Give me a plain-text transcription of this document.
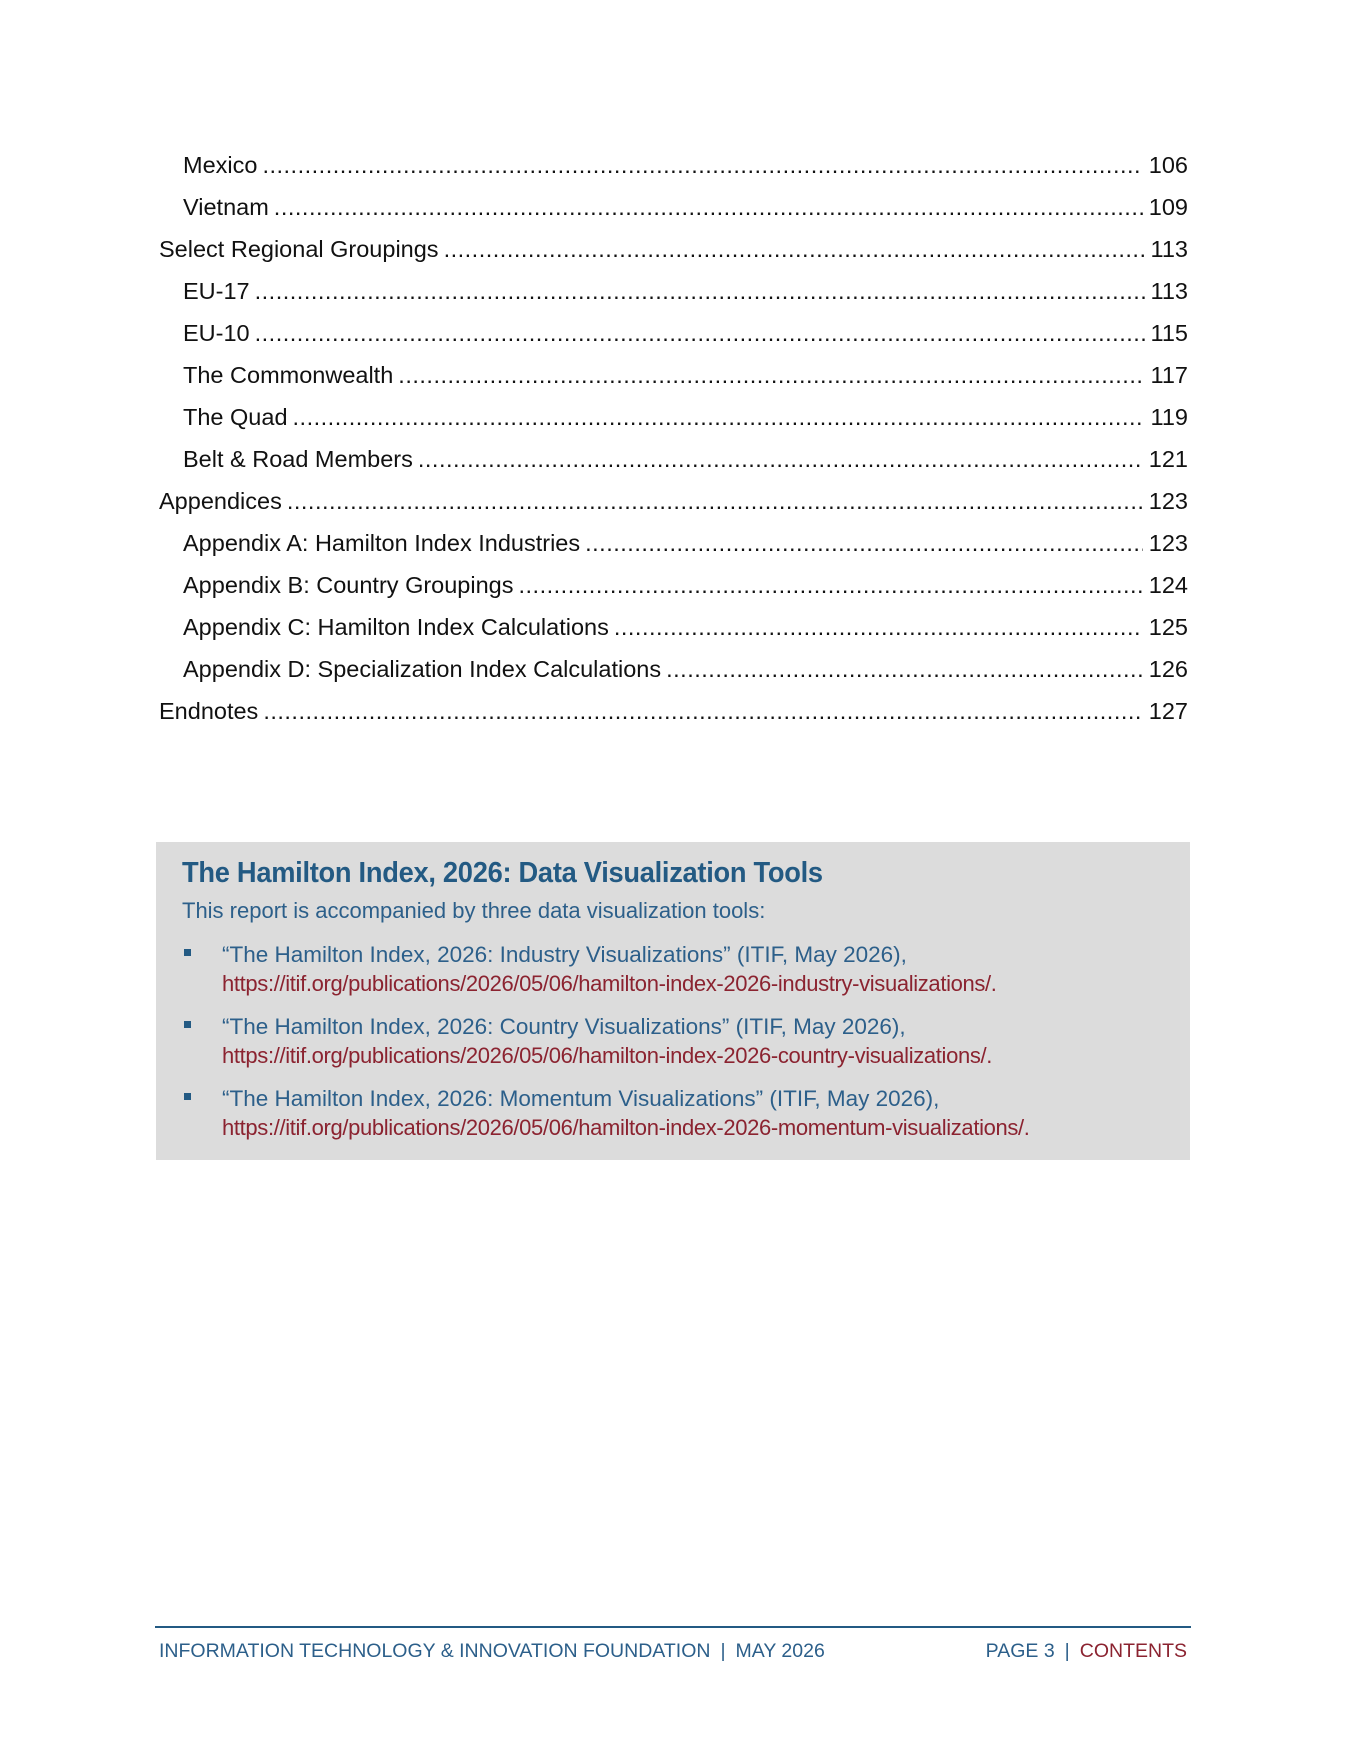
Mexico .....	106
Vietnam .....	109
Select Regional Groupings .....	113
EU-17 .....	113
EU-10 .....	115
The Commonwealth .....	117
The Quad .....	119
Belt & Road Members .....	121
Appendices .....	123
Appendix A: Hamilton Index Industries .....	123
Appendix B: Country Groupings .....	124
Appendix C: Hamilton Index Calculations .....	125
Appendix D: Specialization Index Calculations .....	126
Endnotes .....	127
The Hamilton Index, 2026: Data Visualization Tools
This report is accompanied by three data visualization tools:
“The Hamilton Index, 2026: Industry Visualizations” (ITIF, May 2026),
https://itif.org/publications/2026/05/06/hamilton-index-2026-industry-visualizations/.
“The Hamilton Index, 2026: Country Visualizations” (ITIF, May 2026),
https://itif.org/publications/2026/05/06/hamilton-index-2026-country-visualizations/.
“The Hamilton Index, 2026: Momentum Visualizations” (ITIF, May 2026),
https://itif.org/publications/2026/05/06/hamilton-index-2026-momentum-visualizations/.
INFORMATION TECHNOLOGY & INNOVATION FOUNDATION | MAY 2026	PAGE 3 | CONTENTS
